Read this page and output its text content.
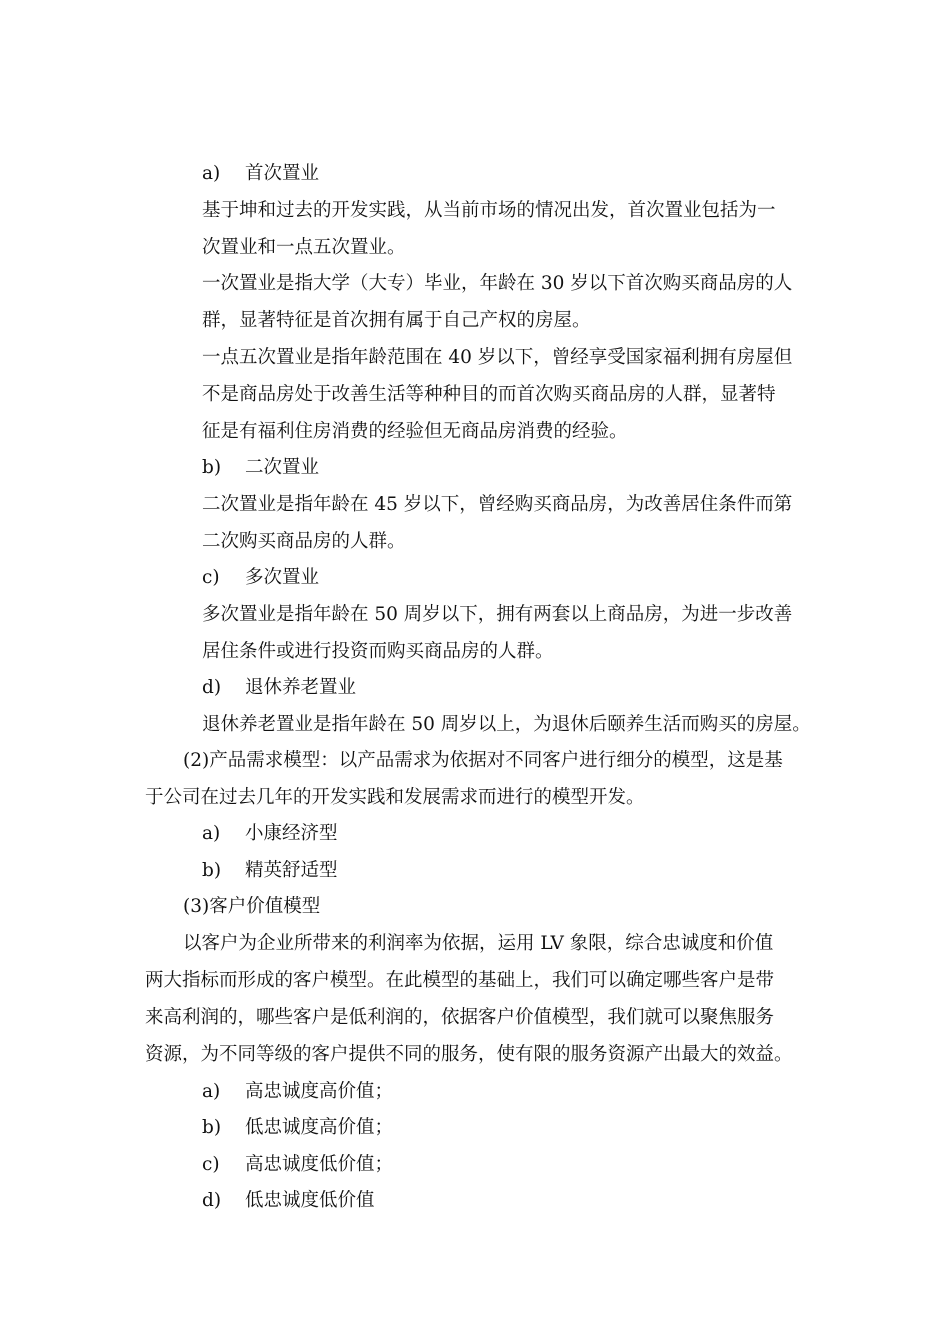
a) 首次置业
基于坤和过去的开发实践，从当前市场的情况出发，首次置业包括为一
次置业和一点五次置业。
一次置业是指大学（大专）毕业，年龄在 30 岁以下首次购买商品房的人
群，显著特征是首次拥有属于自己产权的房屋。
一点五次置业是指年龄范围在 40 岁以下，曾经享受国家福利拥有房屋但
不是商品房处于改善生活等种种目的而首次购买商品房的人群，显著特
征是有福利住房消费的经验但无商品房消费的经验。
b) 二次置业
二次置业是指年龄在 45 岁以下，曾经购买商品房，为改善居住条件而第
二次购买商品房的人群。
c) 多次置业
多次置业是指年龄在 50 周岁以下，拥有两套以上商品房，为进一步改善
居住条件或进行投资而购买商品房的人群。
d) 退休养老置业
退休养老置业是指年龄在 50 周岁以上，为退休后颐养生活而购买的房屋。
(2)产品需求模型：以产品需求为依据对不同客户进行细分的模型，这是基
于公司在过去几年的开发实践和发展需求而进行的模型开发。
a) 小康经济型
b) 精英舒适型
(3)客户价值模型
以客户为企业所带来的利润率为依据，运用 LV 象限，综合忠诚度和价值
两大指标而形成的客户模型。在此模型的基础上，我们可以确定哪些客户是带
来高利润的，哪些客户是低利润的，依据客户价值模型，我们就可以聚焦服务
资源，为不同等级的客户提供不同的服务，使有限的服务资源产出最大的效益。
a) 高忠诚度高价值；
b) 低忠诚度高价值；
c) 高忠诚度低价值；
d) 低忠诚度低价值
